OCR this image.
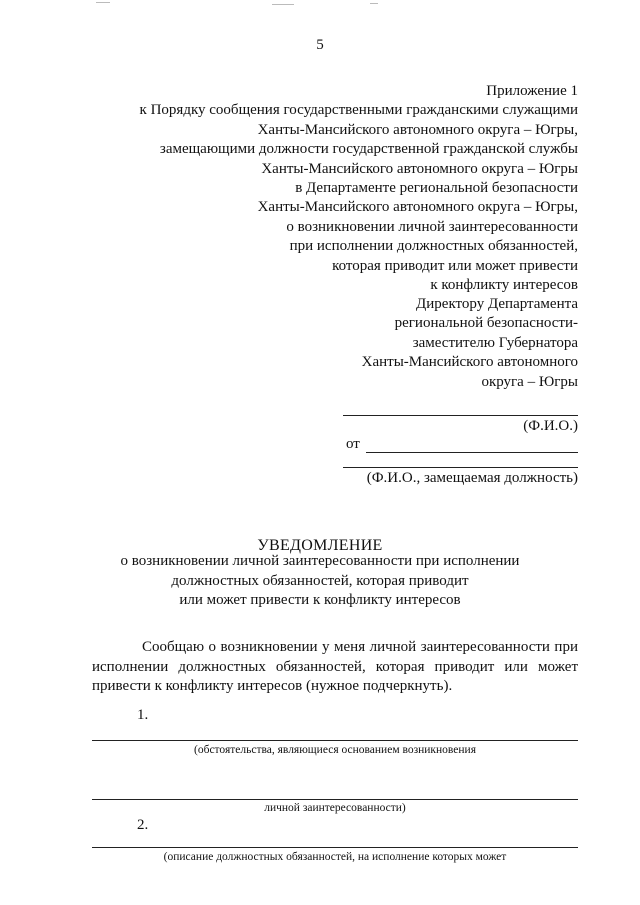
5
Приложение 1
к Порядку сообщения государственными гражданскими служащими
Ханты-Мансийского автономного округа – Югры,
замещающими должности государственной гражданской службы
Ханты-Мансийского автономного округа – Югры
в Департаменте региональной безопасности
Ханты-Мансийского автономного округа – Югры,
о возникновении личной заинтересованности
при исполнении должностных обязанностей,
которая приводит или может привести
к конфликту интересов
Директору Департамента
региональной безопасности-
заместителю Губернатора
Ханты-Мансийского автономного
округа – Югры
(Ф.И.О.)
от
(Ф.И.О., замещаемая должность)
УВЕДОМЛЕНИЕ
о возникновении личной заинтересованности при исполнении
должностных обязанностей, которая приводит
или может привести к конфликту интересов
Сообщаю о возникновении у меня личной заинтересованности при исполнении должностных обязанностей, которая приводит или может привести к конфликту интересов (нужное подчеркнуть).
1.
(обстоятельства, являющиеся основанием возникновения
личной заинтересованности)
2.
(описание должностных обязанностей, на исполнение которых может
